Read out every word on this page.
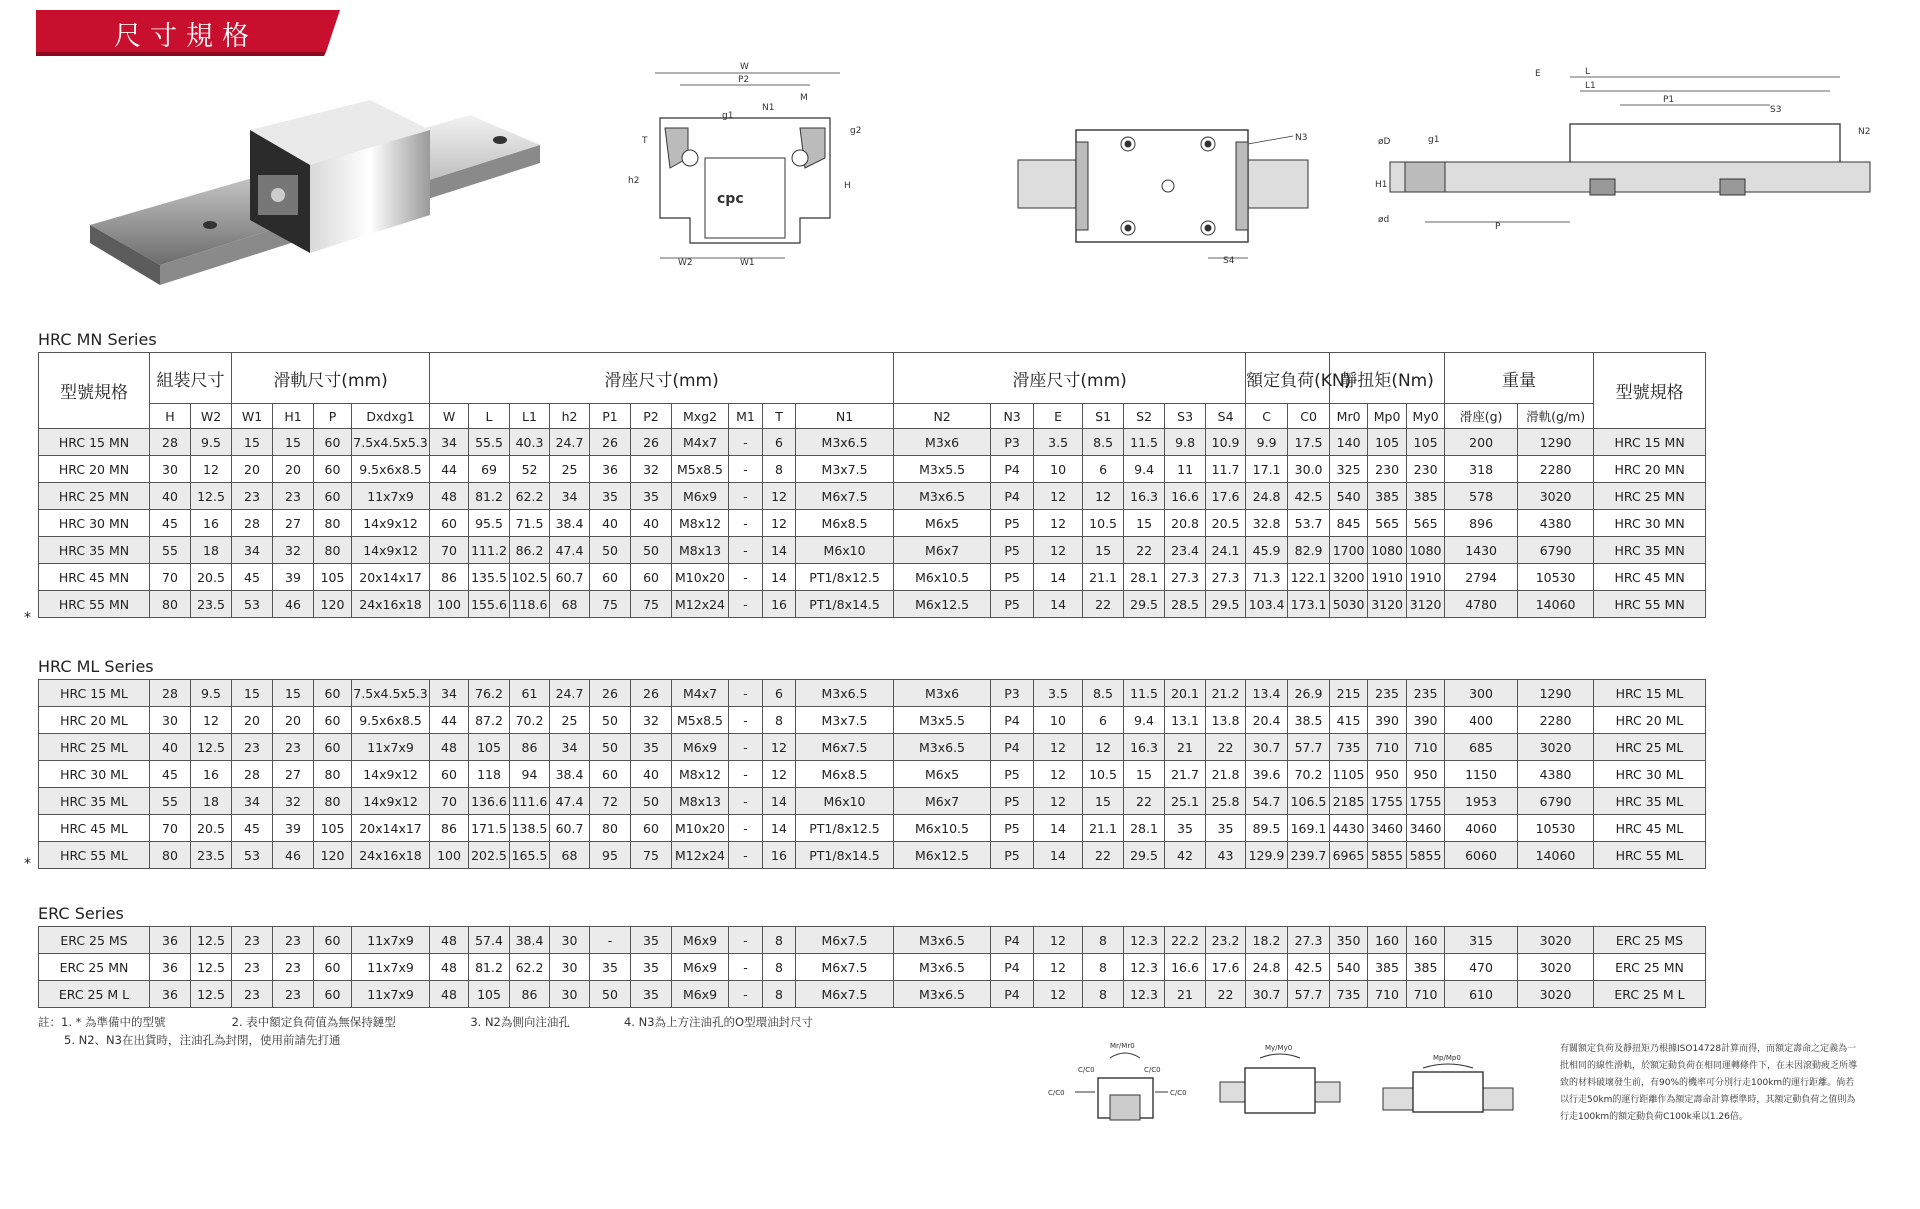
尺寸規格
W
P2
M
N1
T
g1
h2	H
g2
cpc
W2	W1
N3
S4
L
L1
P1
S3
E
N2
øD	g1
H1
ød
P
HRC MN Series
HRC ML Series
ERC Series
型號規格	組裝尺寸		滑軌尺寸(mm)				滑座尺寸(mm)										滑座尺寸(mm)							額定負荷(KN)		靜扭矩(Nm)			重量		型號規格
	H	W2	W1	H1	P	Dxdxg1	W	L	L1	h2	P1	P2	Mxg2	M1	T	N1	N2	N3	E	S1	S2	S3	S4	C	C0	Mr0	Mp0	My0	滑座(g)	滑軌(g/m)	
HRC 15 MN	28	9.5	15	15	60	7.5x4.5x5.3	34	55.5	40.3	24.7	26	26	M4x7	-	6	M3x6.5	M3x6	P3	3.5	8.5	11.5	9.8	10.9	9.9	17.5	140	105	105	200	1290	HRC 15 MN
HRC 20 MN	30	12	20	20	60	9.5x6x8.5	44	69	52	25	36	32	M5x8.5	-	8	M3x7.5	M3x5.5	P4	10	6	9.4	11	11.7	17.1	30.0	325	230	230	318	2280	HRC 20 MN
HRC 25 MN	40	12.5	23	23	60	11x7x9	48	81.2	62.2	34	35	35	M6x9	-	12	M6x7.5	M3x6.5	P4	12	12	16.3	16.6	17.6	24.8	42.5	540	385	385	578	3020	HRC 25 MN
HRC 30 MN	45	16	28	27	80	14x9x12	60	95.5	71.5	38.4	40	40	M8x12	-	12	M6x8.5	M6x5	P5	12	10.5	15	20.8	20.5	32.8	53.7	845	565	565	896	4380	HRC 30 MN
HRC 35 MN	55	18	34	32	80	14x9x12	70	111.2	86.2	47.4	50	50	M8x13	-	14	M6x10	M6x7	P5	12	15	22	23.4	24.1	45.9	82.9	1700	1080	1080	1430	6790	HRC 35 MN
HRC 45 MN	70	20.5	45	39	105	20x14x17	86	135.5	102.5	60.7	60	60	M10x20	-	14	PT1/8x12.5	M6x10.5	P5	14	21.1	28.1	27.3	27.3	71.3	122.1	3200	1910	1910	2794	10530	HRC 45 MN
HRC 55 MN	80	23.5	53	46	120	24x16x18	100	155.6	118.6	68	75	75	M12x24	-	16	PT1/8x14.5	M6x12.5	P5	14	22	29.5	28.5	29.5	103.4	173.1	5030	3120	3120	4780	14060	HRC 55 MN
HRC 15 ML	28	9.5	15	15	60	7.5x4.5x5.3	34	76.2	61	24.7	26	26	M4x7	-	6	M3x6.5	M3x6	P3	3.5	8.5	11.5	20.1	21.2	13.4	26.9	215	235	235	300	1290	HRC 15 ML
HRC 20 ML	30	12	20	20	60	9.5x6x8.5	44	87.2	70.2	25	50	32	M5x8.5	-	8	M3x7.5	M3x5.5	P4	10	6	9.4	13.1	13.8	20.4	38.5	415	390	390	400	2280	HRC 20 ML
HRC 25 ML	40	12.5	23	23	60	11x7x9	48	105	86	34	50	35	M6x9	-	12	M6x7.5	M3x6.5	P4	12	12	16.3	21	22	30.7	57.7	735	710	710	685	3020	HRC 25 ML
HRC 30 ML	45	16	28	27	80	14x9x12	60	118	94	38.4	60	40	M8x12	-	12	M6x8.5	M6x5	P5	12	10.5	15	21.7	21.8	39.6	70.2	1105	950	950	1150	4380	HRC 30 ML
HRC 35 ML	55	18	34	32	80	14x9x12	70	136.6	111.6	47.4	72	50	M8x13	-	14	M6x10	M6x7	P5	12	15	22	25.1	25.8	54.7	106.5	2185	1755	1755	1953	6790	HRC 35 ML
HRC 45 ML	70	20.5	45	39	105	20x14x17	86	171.5	138.5	60.7	80	60	M10x20	-	14	PT1/8x12.5	M6x10.5	P5	14	21.1	28.1	35	35	89.5	169.1	4430	3460	3460	4060	10530	HRC 45 ML
HRC 55 ML	80	23.5	53	46	120	24x16x18	100	202.5	165.5	68	95	75	M12x24	-	16	PT1/8x14.5	M6x12.5	P5	14	22	29.5	42	43	129.9	239.7	6965	5855	5855	6060	14060	HRC 55 ML
ERC 25 MS	36	12.5	23	23	60	11x7x9	48	57.4	38.4	30	-	35	M6x9	-	8	M6x7.5	M3x6.5	P4	12	8	12.3	22.2	23.2	18.2	27.3	350	160	160	315	3020	ERC 25 MS
ERC 25 MN	36	12.5	23	23	60	11x7x9	48	81.2	62.2	30	35	35	M6x9	-	8	M6x7.5	M3x6.5	P4	12	8	12.3	16.6	17.6	24.8	42.5	540	385	385	470	3020	ERC 25 MN
ERC 25 M L	36	12.5	23	23	60	11x7x9	48	105	86	30	50	35	M6x9	-	8	M6x7.5	M3x6.5	P4	12	8	12.3	21	22	30.7	57.7	735	710	710	610	3020	ERC 25 M L
*
*
註：1. * 為準備中的型號	2. 表中額定負荷值為無保持鏈型	3. N2為側向注油孔	4. N3為上方注油孔的O型環油封尺寸
5. N2、N3在出貨時，注油孔為封閉，使用前請先打通	Mr/Mr0
C/C0	C/C0
C/C0	C/C0
My/My0
Mp/Mp0
有關額定負荷及靜扭矩乃根據ISO14728計算而得，而額定壽命之定義為一批相同的線性滑軌，於額定動負荷在相同運轉條件下，在未因滾動疲乏所導致的材料破壞發生前，有90%的機率可分別行走100km的運行距離。倘若以行走50km的運行距離作為額定壽命計算標準時，其額定動負荷之值則為行走100km的額定動負荷C100k乘以1.26倍。
